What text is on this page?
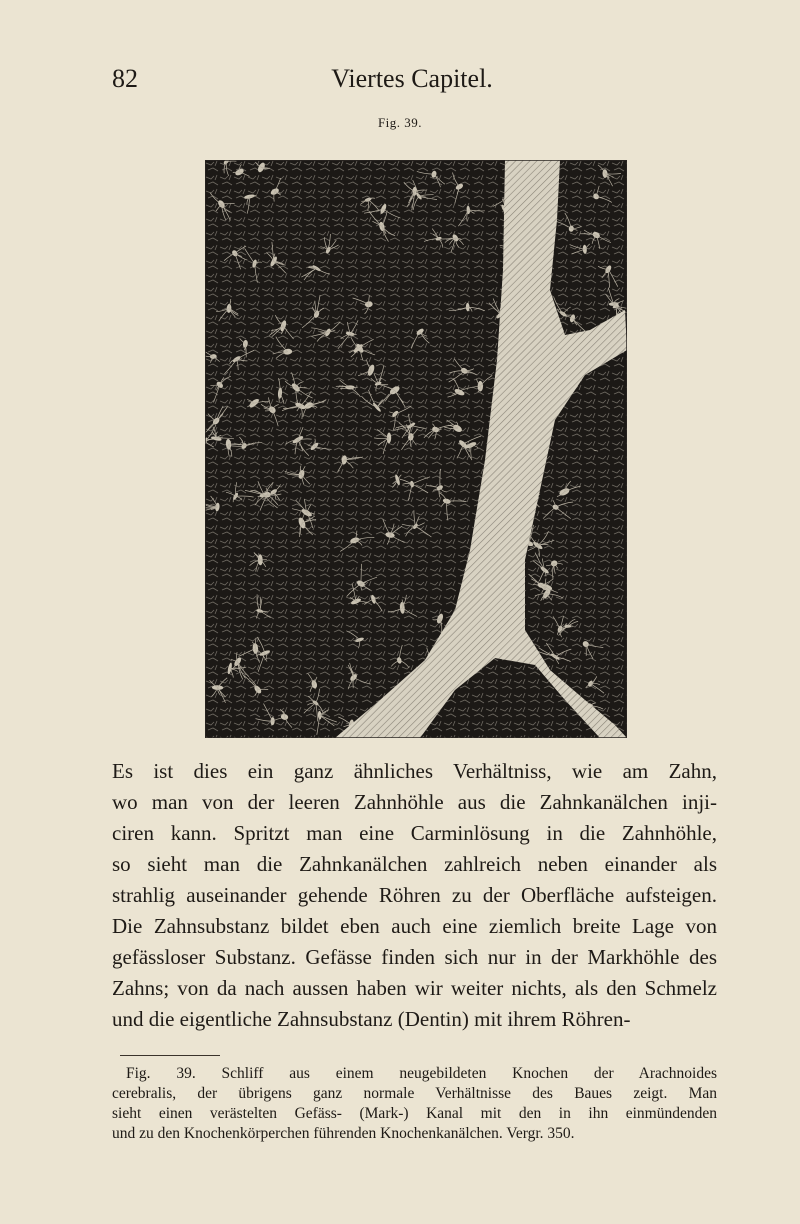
82	Viertes Capitel.
Fig. 39.
Es ist dies ein ganz ähnliches Verhältniss, wie am Zahn,
wo man von der leeren Zahnhöhle aus die Zahnkanälchen inji-
ciren kann. Spritzt man eine Carminlösung in die Zahnhöhle,
so sieht man die Zahnkanälchen zahlreich neben einander als
strahlig auseinander gehende Röhren zu der Oberfläche aufsteigen.
Die Zahnsubstanz bildet eben auch eine ziemlich breite Lage von
gefässloser Substanz. Gefässe finden sich nur in der Markhöhle des
Zahns; von da nach aussen haben wir weiter nichts, als den Schmelz
und die eigentliche Zahnsubstanz (Dentin) mit ihrem Röhren-
Fig. 39. Schliff aus einem neugebildeten Knochen der Arachnoides
cerebralis, der übrigens ganz normale Verhältnisse des Baues zeigt. Man
sieht einen verästelten Gefäss- (Mark-) Kanal mit den in ihn einmündenden
und zu den Knochenkörperchen führenden Knochenkanälchen. Vergr. 350.
